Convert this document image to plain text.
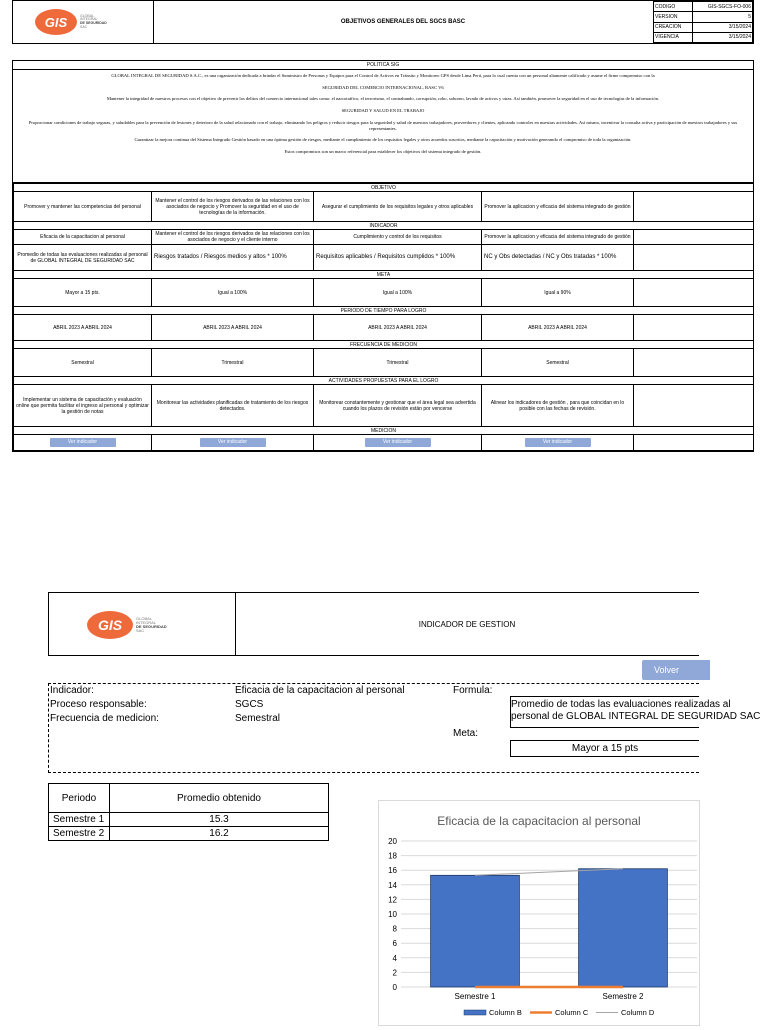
GIS	GLOBAL
INTEGRAL
DE SEGURIDAD
SAC
OBJETIVOS GENERALES DEL SGCS BASC
CODIGO	GIS-SGCS-FO-006
VERSION	5
CREACION	3/15/2024
VIGENCIA	3/15/2024
POLITICA SIG

GLOBAL INTEGRAL DE SEGURIDAD S.A.C., es una organización dedicada a brindar el Suministro de Personas y Equipos para el Control de Activos en Tránsito y Monitoreo GPS desde Lima Perú, para lo cual cuenta con un personal altamente calificado y asume el firme compromiso con la

SEGURIDAD DEL COMERCIO INTERNACIONAL, BASC V6

Mantener la integridad de nuestros procesos con el objetivo de prevenir los delitos del comercio internacional tales como: el narcotráfico, el terrorismo, el contrabando, corrupción, robo, soborno, lavado de activos y otras. Así también, promover la seguridad en el uso de tecnologías de la información.

SEGURIDAD Y SALUD EN EL TRABAJO

Proporcionar condiciones de trabajo seguras, y saludables para la prevención de lesiones y deterioro de la salud relacionado con el trabajo, eliminando los peligros y reducir riesgos para la seguridad y salud de nuestros trabajadores, proveedores y clientes, aplicando controles en nuestras actividades. Así mismo, incentivar la consulta activa y participación de nuestros trabajadores y sus representantes.

Garantizar la mejora continua del Sistema Integrado Gestión basado en una óptima gestión de riesgos, mediante el cumplimiento de los requisitos legales y otros acuerdos suscritos, mediante la capacitación y motivación generando el compromiso de toda la organización.

Estos compromisos son un marco referencial para establecer los objetivos del sistema integrado de gestión.

OBJETIVO				
Promover y mantener las competencias del personal	Mantener el control de los riesgos derivados de las relaciones con los asociados de negocio y Promover la seguridad en el uso de tecnologías de la información.	Asegurar el cumplimiento de los requisitos legales y otros aplicables	Promover la aplicacion y eficacia del sistema integrado de gestión	
INDICADOR				
Eficacia de la capacitacion al personal	Mantener el control de los riesgos derivados de las relaciones con los asociados de negocio y el cliente interno	Cumplimiento y control de los requisitos	Promover la aplicacion y eficacia del sistema integrado de gestión	
Promedio de todas las evaluaciones realizadas al personal de GLOBAL INTEGRAL DE SEGURIDAD SAC	Riesgos tratados / Riesgos medios y altos * 100%	Requisitos aplicables / Requisitos cumplidos * 100%	NC y Obs detectadas / NC y Obs tratadas * 100%	
META				
Mayor a 15 pts.	Igual a 100%	Igual a 100%	Igual a 90%	
PERIODO DE TIEMPO PARA LOGRO				
ABRIL 2023 A ABRIL 2024	ABRIL 2023 A ABRIL 2024	ABRIL 2023 A ABRIL 2024	ABRIL 2023 A ABRIL 2024	
FRECUENCIA DE MEDICION				
Semestral	Trimestral	Trimestral	Semestral	
ACTIVIDADES PROPUESTAS PARA EL LOGRO				
Implementar un sistema de capacitación y evaluación online que permita facilitar el ingreso al personal y optimizar la gestión de notas	Monitorear las actividades planificadas de tratamiento de los riesgos detectados.	Monitorear constantemente y gestionar que el área legal sea advertida cuando los plazos de revisión están por vencerse	Alinear los indicadores de gestión , para que coincidan en lo posible con las fechas de revisión.	
MEDICION				
Ver indicador	Ver indicador	Ver indicador	Ver indicador	
GIS	GLOBAL
INTEGRAL
DE SEGURIDAD
SAC
INDICADOR DE GESTION
Volver
Indicador:	Eficacia de la capacitacion al personal
Proceso responsable:	SGCS
Frecuencia de medicion:	Semestral
Formula:
Promedio de todas las evaluaciones realizadas al
personal de GLOBAL INTEGRAL DE SEGURIDAD SAC
Meta:
Mayor a 15 pts
Periodo	Promedio obtenido
Semestre 1	15.3
Semestre 2	16.2
Eficacia de la capacitacion al personal
0
2
4
6
8
10
12
14
16
18
20
Semestre 1	Semestre 2
Column B	Column C	Column D
